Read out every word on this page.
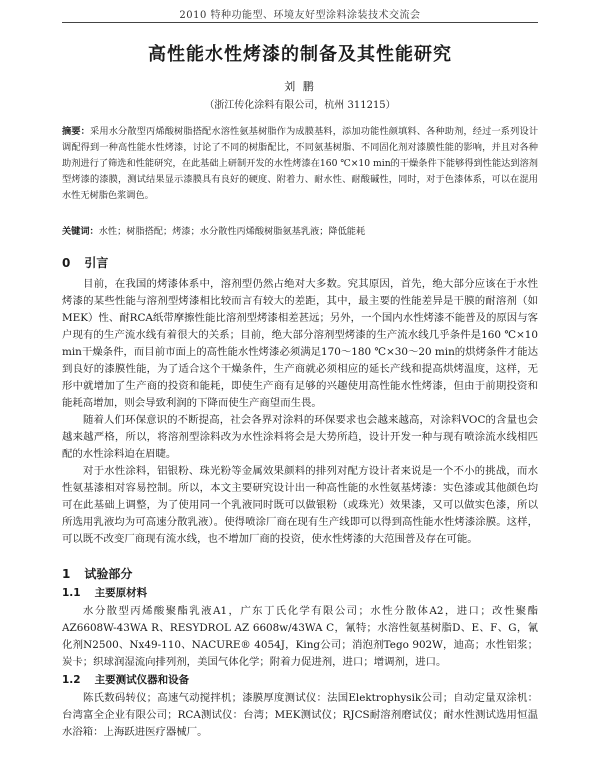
2010 特种功能型、环境友好型涂料涂装技术交流会
高性能水性烤漆的制备及其性能研究
刘 鹏
（浙江传化涂料有限公司，杭州 311215）
摘要：采用水分散型丙烯酸树脂搭配水溶性氨基树脂作为成膜基料，添加功能性颜填料、各种助剂，经过一系列设计调配得到一种高性能水性烤漆，讨论了不同的树脂配比，不同氨基树脂、不同固化剂对漆膜性能的影响，并且对各种助剂进行了筛选和性能研究，在此基础上研制开发的水性烤漆在160 ℃×10 min的干燥条件下能够得到性能达到溶剂型烤漆的漆膜，测试结果显示漆膜具有良好的硬度、附着力、耐水性、耐酸碱性，同时，对于色漆体系，可以在混用水性无树脂色浆调色。
关键词：水性；树脂搭配；烤漆；水分散性丙烯酸树脂氨基乳液；降低能耗
0 引言
目前，在我国的烤漆体系中，溶剂型仍然占绝对大多数。究其原因，首先，绝大部分应该在于水性烤漆的某些性能与溶剂型烤漆相比较而言有较大的差距，其中，最主要的性能差异是干膜的耐溶剂（如MEK）性、耐RCA纸带摩擦性能比溶剂型烤漆相差甚远；另外，一个国内水性烤漆不能普及的原因与客户现有的生产流水线有着很大的关系；目前，绝大部分溶剂型烤漆的生产流水线几乎条件是160 ℃×10 min干燥条件，而目前市面上的高性能水性烤漆必须满足170～180 ℃×30～20 min的烘烤条件才能达到良好的漆膜性能，为了适合这个干燥条件，生产商就必须相应的延长产线和提高烘烤温度，这样，无形中就增加了生产商的投资和能耗，即使生产商有足够的兴趣使用高性能水性烤漆，但由于前期投资和能耗高增加，则会导致利润的下降而使生产商望而生畏。
随着人们环保意识的不断提高，社会各界对涂料的环保要求也会越来越高，对涂料VOC的含量也会越来越严格，所以，将溶剂型涂料改为水性涂料将会是大势所趋，设计开发一种与现有喷涂流水线相匹配的水性涂料迫在眉睫。
对于水性涂料，铝银粉、珠光粉等金属效果颜料的排列对配方设计者来说是一个不小的挑战，而水性氨基漆相对容易控制。所以，本文主要研究设计出一种高性能的水性氨基烤漆：实色漆或其他颜色均可在此基础上调整，为了使用同一个乳液同时既可以做银粉（或珠光）效果漆，又可以做实色漆，所以所选用乳液均为可高速分散乳液）。使得喷涂厂商在现有生产线即可以得到高性能水性烤漆涂膜。这样，可以既不改变厂商现有流水线，也不增加厂商的投资，使水性烤漆的大范围普及存在可能。
1 试验部分
1.1 主要原材料
水分散型丙烯酸聚酯乳液A1，广东丁氏化学有限公司；水性分散体A2，进口；改性聚酯AZ6608W-43WA R、RESYDROL AZ 6608w/43WA C，氰特；水溶性氨基树脂D、E、F、G，氰化剂N2500、Nx49-110、NACURE® 4054J，King公司；消泡剂Tego 902W，迪高；水性铝浆；炭卡；织球润湿流向排列剂，美国气体化学；附着力促进剂，进口；增调剂，进口。
1.2 主要测试仪器和设备
陈氏数码转仪；高速气动搅拌机；漆膜厚度测试仪：法国Elektrophysik公司；自动定量双涂机：台湾富全企业有限公司；RCA测试仪：台湾；MEK测试仪；RJCS耐溶剂磨试仪；耐水性测试选用恒温水浴箱：上海跃进医疗器械厂。
